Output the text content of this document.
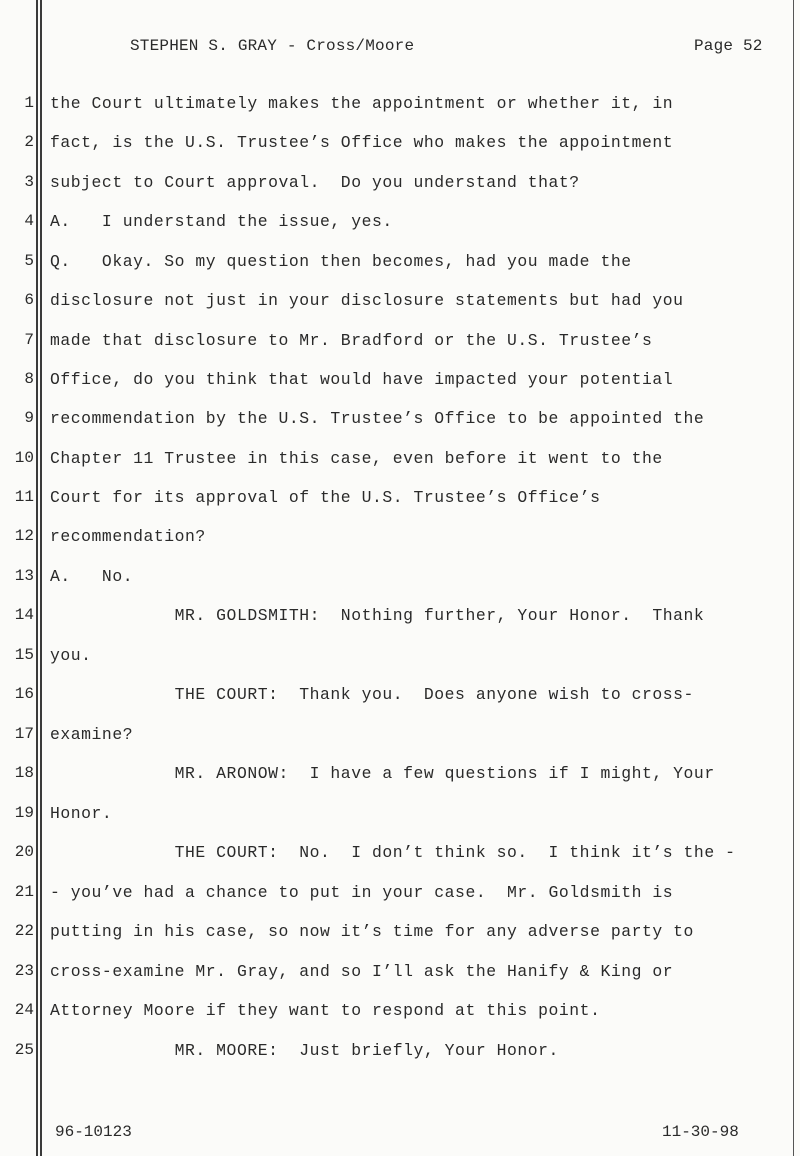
STEPHEN S. GRAY - Cross/Moore	Page 52
1 the Court ultimately makes the appointment or whether it, in
2 fact, is the U.S. Trustee’s Office who makes the appointment
3 subject to Court approval.  Do you understand that?
4 A.   I understand the issue, yes.
5 Q.   Okay. So my question then becomes, had you made the
6 disclosure not just in your disclosure statements but had you
7 made that disclosure to Mr. Bradford or the U.S. Trustee’s
8 Office, do you think that would have impacted your potential
9 recommendation by the U.S. Trustee’s Office to be appointed the
10 Chapter 11 Trustee in this case, even before it went to the
11 Court for its approval of the U.S. Trustee’s Office’s
12 recommendation?
13 A.   No.
14 MR. GOLDSMITH:  Nothing further, Your Honor.  Thank
15 you.
16 THE COURT:  Thank you.  Does anyone wish to cross-
17 examine?
18 MR. ARONOW:  I have a few questions if I might, Your
19 Honor.
20 THE COURT:  No.  I don’t think so.  I think it’s the -
21 - you’ve had a chance to put in your case.  Mr. Goldsmith is
22 putting in his case, so now it’s time for any adverse party to
23 cross-examine Mr. Gray, and so I’ll ask the Hanify & King or
24 Attorney Moore if they want to respond at this point.
25 MR. MOORE:  Just briefly, Your Honor.
96-10123	11-30-98
